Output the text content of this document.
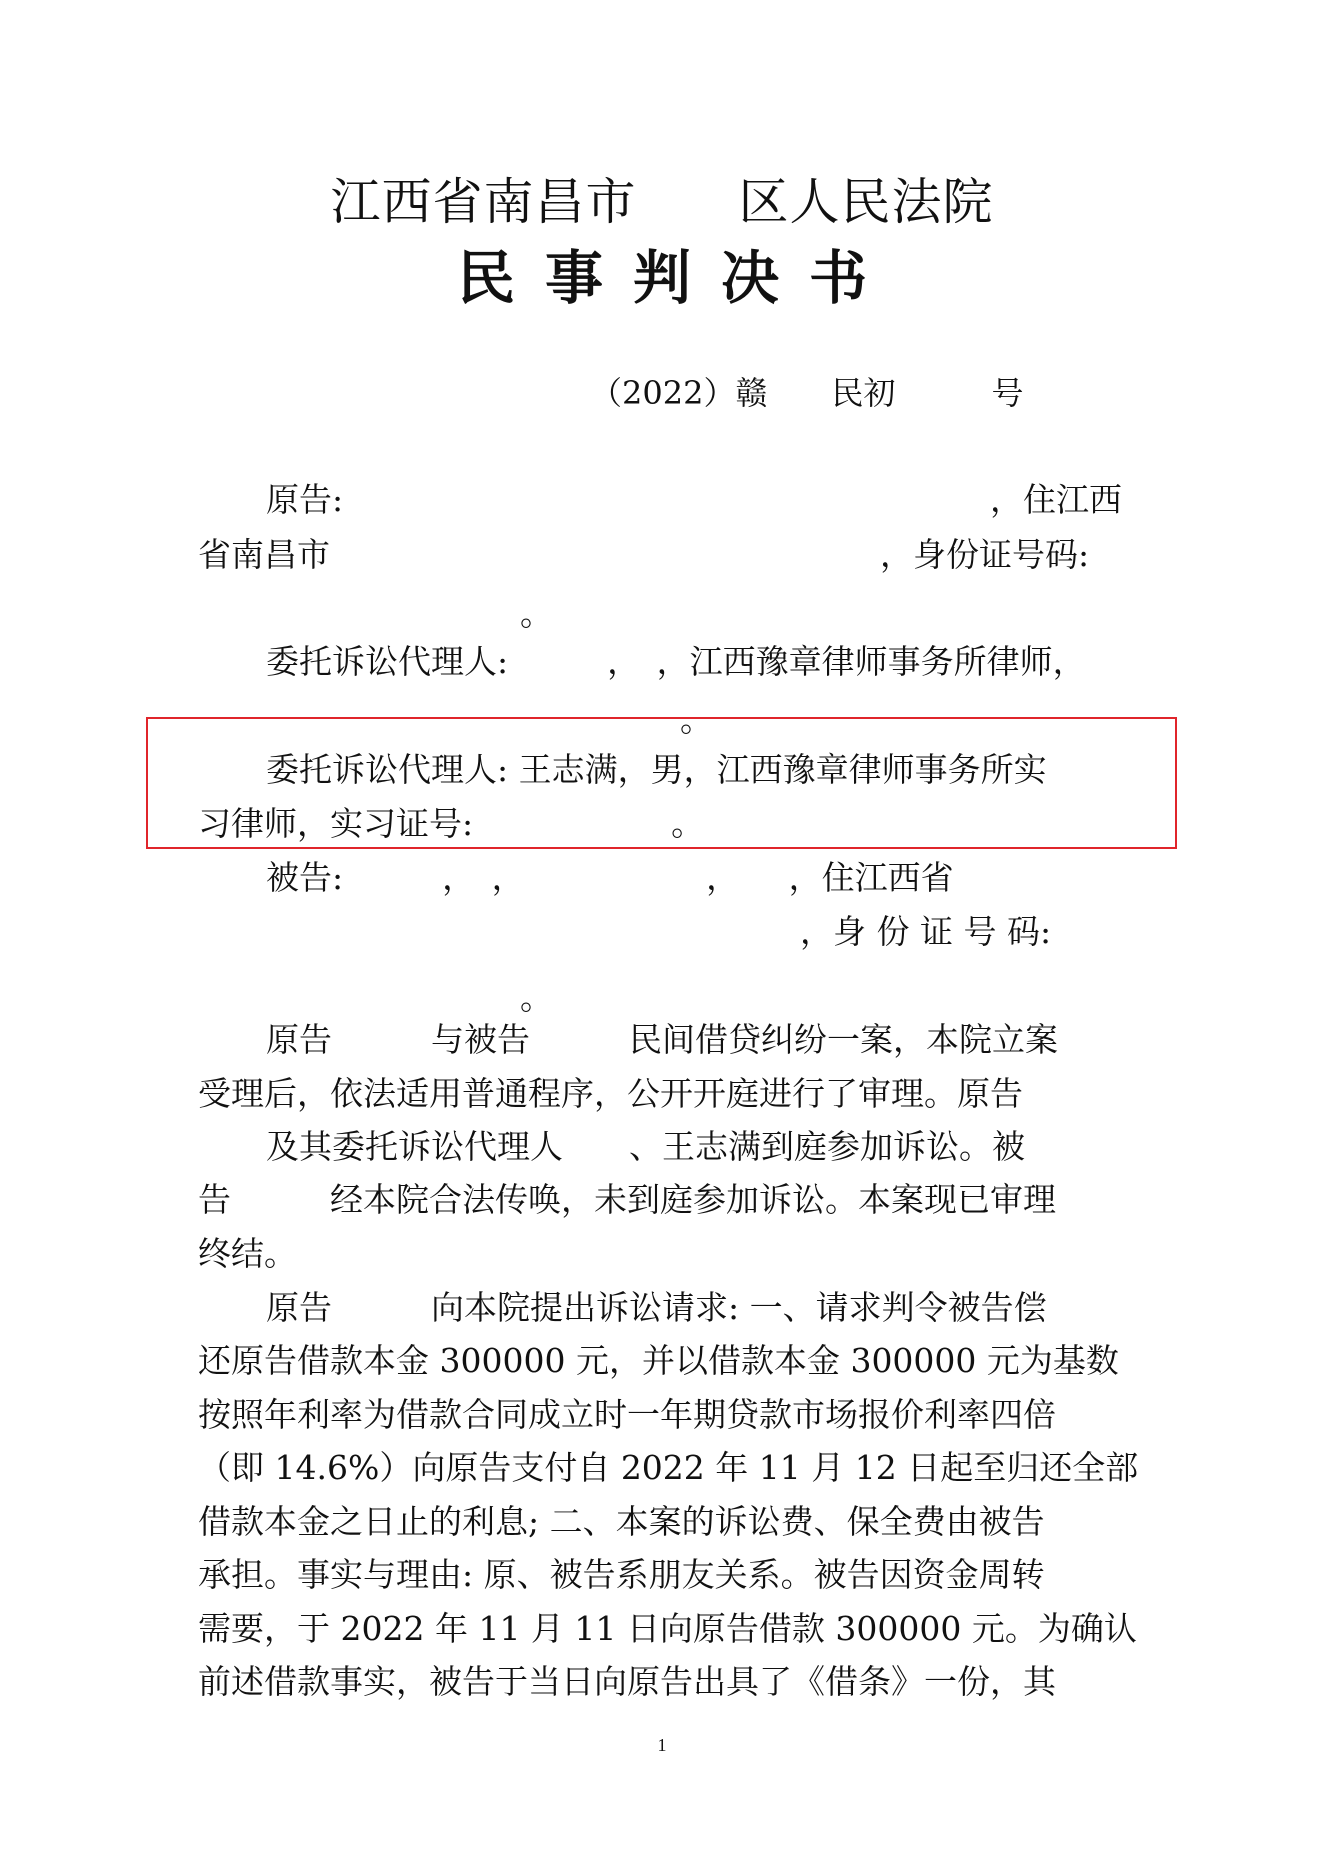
江西省南昌市　　区人民法院
民事判决书
（2022）赣　　民初　　　号
原告:	，住江西
省南昌市	，身份证号码:
。
委托诉讼代理人:　　　，　，江西豫章律师事务所律师，
。
委托诉讼代理人: 王志满，男，江西豫章律师事务所实
习律师，实习证号:　　　　　　。
被告:　　　，　，　　　　　　，　　，住江西省
，身 份 证 号 码:
。
原告　　　与被告　　　民间借贷纠纷一案，本院立案
受理后，依法适用普通程序，公开开庭进行了审理。原告
及其委托诉讼代理人　　、王志满到庭参加诉讼。被
告　　　经本院合法传唤，未到庭参加诉讼。本案现已审理
终结。
原告　　　向本院提出诉讼请求: 一、请求判令被告偿
还原告借款本金 300000 元，并以借款本金 300000 元为基数
按照年利率为借款合同成立时一年期贷款市场报价利率四倍
（即 14.6%）向原告支付自 2022 年 11 月 12 日起至归还全部
借款本金之日止的利息; 二、本案的诉讼费、保全费由被告
承担。事实与理由: 原、被告系朋友关系。被告因资金周转
需要，于 2022 年 11 月 11 日向原告借款 300000 元。为确认
前述借款事实，被告于当日向原告出具了《借条》一份，其
1
